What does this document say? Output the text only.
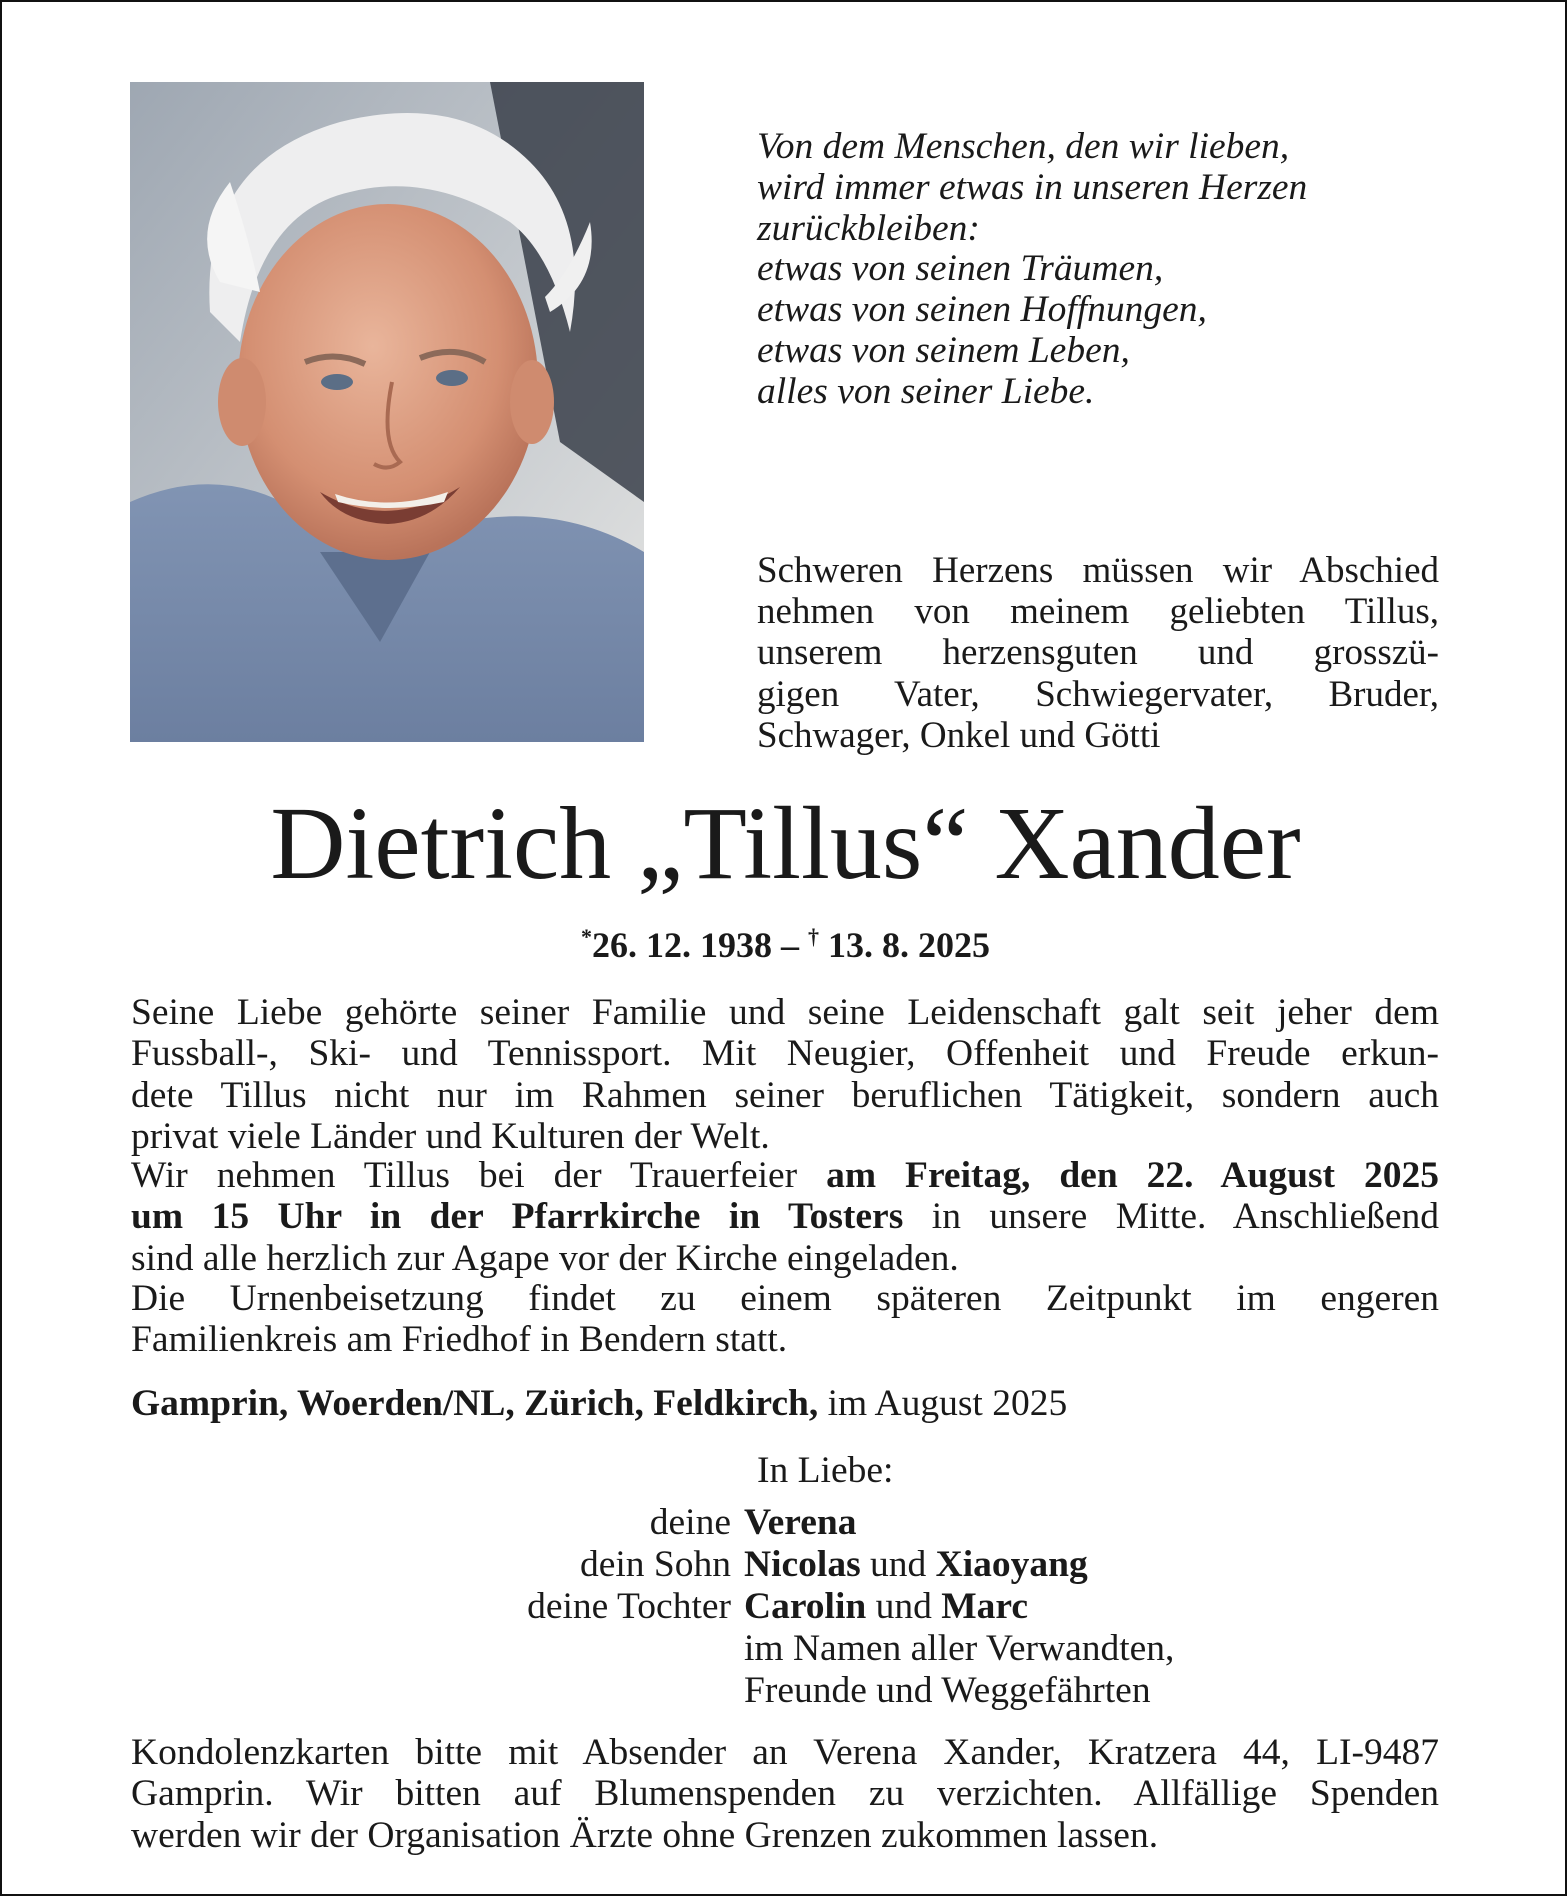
Von dem Menschen, den wir lieben,
wird immer etwas in unseren Herzen
zurückbleiben:
etwas von seinen Träumen,
etwas von seinen Hoffnungen,
etwas von seinem Leben,
alles von seiner Liebe.
Schweren Herzens müssen wir Abschied
nehmen von meinem geliebten Tillus,
unserem herzensguten und grosszü-
gigen Vater, Schwiegervater, Bruder,
Schwager, Onkel und Götti
Dietrich „Tillus“ Xander
*26. 12. 1938 – † 13. 8. 2025
Seine Liebe gehörte seiner Familie und seine Leidenschaft galt seit jeher dem
Fussball-, Ski- und Tennissport. Mit Neugier, Offenheit und Freude erkun-
dete Tillus nicht nur im Rahmen seiner beruflichen Tätigkeit, sondern auch
privat viele Länder und Kulturen der Welt.
Wir nehmen Tillus bei der Trauerfeier am Freitag, den 22. August 2025
um 15 Uhr in der Pfarrkirche in Tosters in unsere Mitte. Anschließend
sind alle herzlich zur Agape vor der Kirche eingeladen.
Die Urnenbeisetzung findet zu einem späteren Zeitpunkt im engeren
Familienkreis am Friedhof in Bendern statt.
Gamprin, Woerden/NL, Zürich, Feldkirch, im August 2025
In Liebe:
deine Verena
dein Sohn Nicolas und Xiaoyang
deine Tochter Carolin und Marc
im Namen aller Verwandten,
Freunde und Weggefährten
Kondolenzkarten bitte mit Absender an Verena Xander, Kratzera 44, LI-9487
Gamprin. Wir bitten auf Blumenspenden zu verzichten. Allfällige Spenden
werden wir der Organisation Ärzte ohne Grenzen zukommen lassen.
